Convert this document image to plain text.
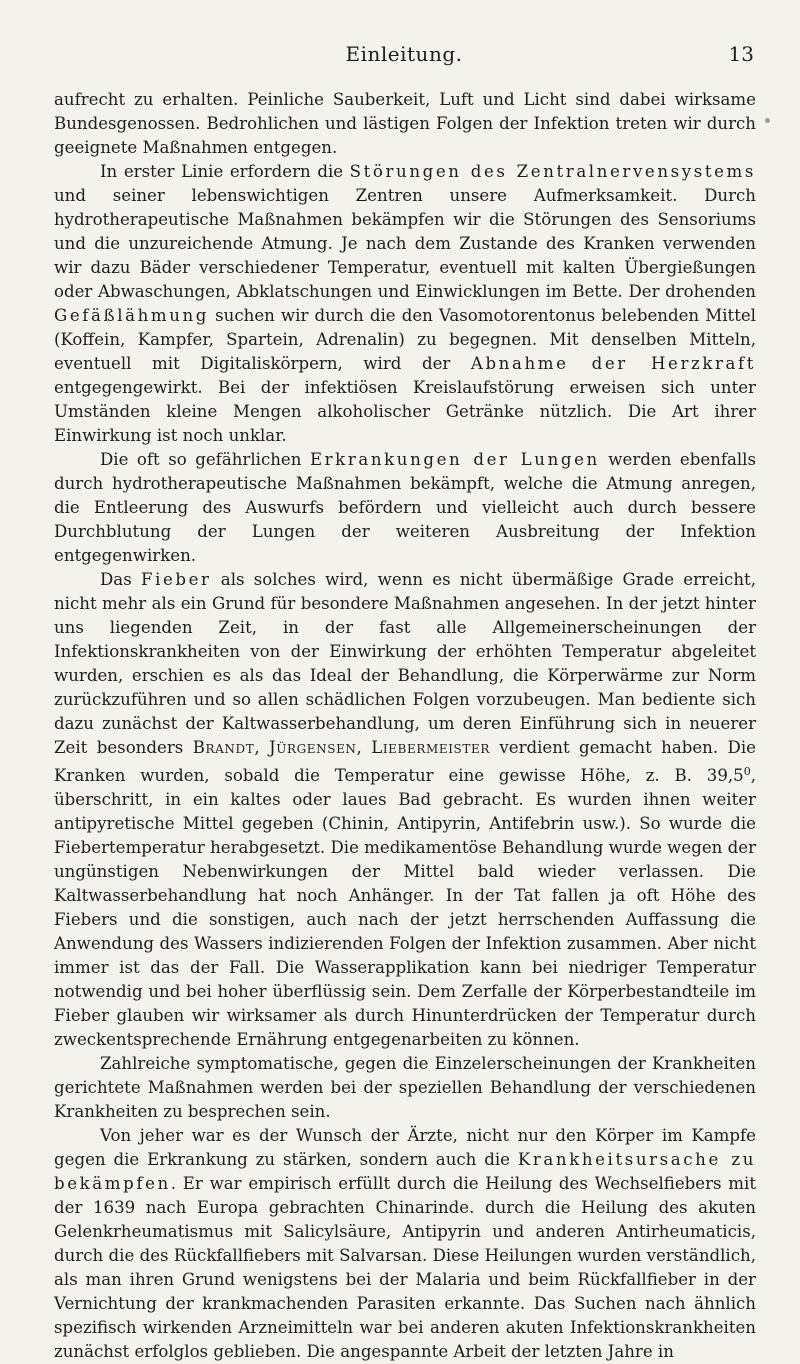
Einleitung.	13

aufrecht zu erhalten. Peinliche Sauberkeit, Luft und Licht sind dabei wirksame Bundesgenossen. Bedrohlichen und lästigen Folgen der Infektion treten wir durch geeignete Maßnahmen entgegen.

In erster Linie erfordern die Störungen des Zentralnervensystems und seiner lebenswichtigen Zentren unsere Aufmerksamkeit. Durch hydrotherapeutische Maßnahmen bekämpfen wir die Störungen des Sensoriums und die unzureichende Atmung. Je nach dem Zustande des Kranken verwenden wir dazu Bäder verschiedener Temperatur, eventuell mit kalten Übergießungen oder Abwaschungen, Abklatschungen und Einwicklungen im Bette. Der drohenden Gefäßlähmung suchen wir durch die den Vasomotorentonus belebenden Mittel (Koffein, Kampfer, Spartein, Adrenalin) zu begegnen. Mit denselben Mitteln, eventuell mit Digitaliskörpern, wird der Abnahme der Herzkraft entgegengewirkt. Bei der infektiösen Kreislaufstörung erweisen sich unter Umständen kleine Mengen alkoholischer Getränke nützlich. Die Art ihrer Einwirkung ist noch unklar.

Die oft so gefährlichen Erkrankungen der Lungen werden ebenfalls durch hydrotherapeutische Maßnahmen bekämpft, welche die Atmung anregen, die Entleerung des Auswurfs befördern und vielleicht auch durch bessere Durchblutung der Lungen der weiteren Ausbreitung der Infektion entgegenwirken.

Das Fieber als solches wird, wenn es nicht übermäßige Grade erreicht, nicht mehr als ein Grund für besondere Maßnahmen angesehen. In der jetzt hinter uns liegenden Zeit, in der fast alle Allgemeinerscheinungen der Infektionskrankheiten von der Einwirkung der erhöhten Temperatur abgeleitet wurden, erschien es als das Ideal der Behandlung, die Körperwärme zur Norm zurückzuführen und so allen schädlichen Folgen vorzubeugen. Man bediente sich dazu zunächst der Kaltwasserbehandlung, um deren Einführung sich in neuerer Zeit besonders Brandt, Jürgensen, Liebermeister verdient gemacht haben. Die Kranken wurden, sobald die Temperatur eine gewisse Höhe, z. B. 39,5$^0$, überschritt, in ein kaltes oder laues Bad gebracht. Es wurden ihnen weiter antipyretische Mittel gegeben (Chinin, Antipyrin, Antifebrin usw.). So wurde die Fiebertemperatur herabgesetzt. Die medikamentöse Behandlung wurde wegen der ungünstigen Nebenwirkungen der Mittel bald wieder verlassen. Die Kaltwasserbehandlung hat noch Anhänger. In der Tat fallen ja oft Höhe des Fiebers und die sonstigen, auch nach der jetzt herrschenden Auffassung die Anwendung des Wassers indizierenden Folgen der Infektion zusammen. Aber nicht immer ist das der Fall. Die Wasserapplikation kann bei niedriger Temperatur notwendig und bei hoher überflüssig sein. Dem Zerfalle der Körperbestandteile im Fieber glauben wir wirksamer als durch Hinunterdrücken der Temperatur durch zweckentsprechende Ernährung entgegenarbeiten zu können.

Zahlreiche symptomatische, gegen die Einzelerscheinungen der Krankheiten gerichtete Maßnahmen werden bei der speziellen Behandlung der verschiedenen Krankheiten zu besprechen sein.

Von jeher war es der Wunsch der Ärzte, nicht nur den Körper im Kampfe gegen die Erkrankung zu stärken, sondern auch die Krankheitsursache zu bekämpfen. Er war empirisch erfüllt durch die Heilung des Wechselfiebers mit der 1639 nach Europa gebrachten Chinarinde. durch die Heilung des akuten Gelenkrheumatismus mit Salicylsäure, Antipyrin und anderen Antirheumaticis, durch die des Rückfallfiebers mit Salvarsan. Diese Heilungen wurden verständlich, als man ihren Grund wenigstens bei der Malaria und beim Rückfallfieber in der Vernichtung der krankmachenden Parasiten erkannte. Das Suchen nach ähnlich spezifisch wirkenden Arzneimitteln war bei anderen akuten Infektionskrankheiten zunächst erfolglos geblieben. Die angespannte Arbeit der letzten Jahre in
